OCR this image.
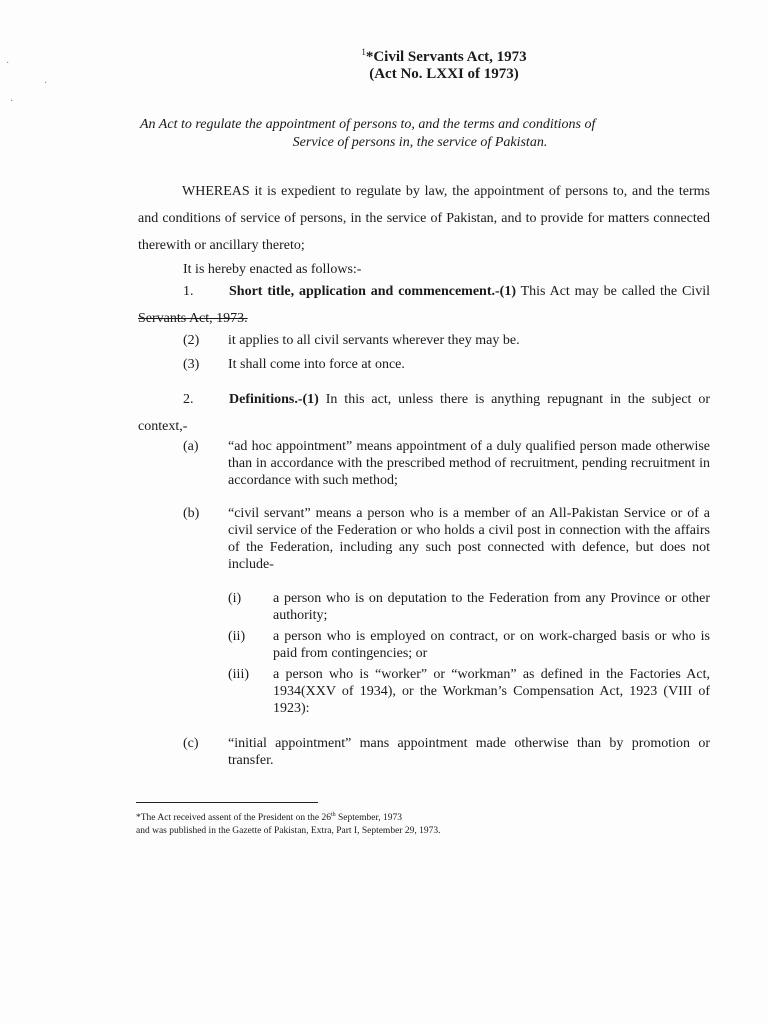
$^1$*Civil Servants Act, 1973
(Act No. LXXI of 1973)
An Act to regulate the appointment of persons to, and the terms and conditions of
Service of persons in, the service of Pakistan.
WHEREAS it is expedient to regulate by law, the appointment of persons to, and the terms and conditions of service of persons, in the service of Pakistan, and to provide for matters connected therewith or ancillary thereto;
It is hereby enacted as follows:-
1.	Short title, application and commencement.-(1) This Act may be called the Civil Servants Act, 1973.
(2) it applies to all civil servants wherever they may be.
(3) It shall come into force at once.
2.	Definitions.-(1) In this act, unless there is anything repugnant in the subject or context,-
(a) “ad hoc appointment” means appointment of a duly qualified person made otherwise than in accordance with the prescribed method of recruitment, pending recruitment in accordance with such method;
(b) “civil servant” means a person who is a member of an All-Pakistan Service or of a civil service of the Federation or who holds a civil post in connection with the affairs of the Federation, including any such post connected with defence, but does not include-
(i) a person who is on deputation to the Federation from any Province or other authority;
(ii) a person who is employed on contract, or on work-charged basis or who is paid from contingencies; or
(iii) a person who is “worker” or “workman” as defined in the Factories Act, 1934(XXV of 1934), or the Workman’s Compensation Act, 1923 (VIII of 1923):
(c) “initial appointment” mans appointment made otherwise than by promotion or transfer.
*The Act received assent of the President on the 26th September, 1973
and was published in the Gazette of Pakistan, Extra, Part I, September 29, 1973.
·
·
·
